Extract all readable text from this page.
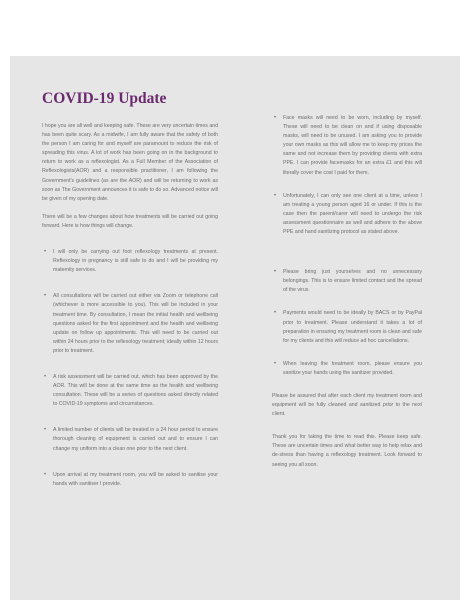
COVID-19 Update

I hope you are all well and keeping safe. These are very uncertain times and has been quite scary. As a midwife, I am fully aware that the safety of both the person I am caring for and myself are paramount to reduce the risk of spreading this virus. A lot of work has been going on in the background to return to work as a reflexologist. As a Full Member of the Association of Reflexologists(AOR) and a responsible practitioner, I am following the Government's guidelines (as are the AOR) and will be returning to work as soon as The Government announces it is safe to do so. Advanced notice will be given of my opening date.

There will be a few changes about how treatments will be carried out going forward. Here is how things will change.

• I will only be carrying out foot reflexology treatments at present. Reflexology in pregnancy is still safe to do and I will be providing my maternity services.
• All consultations will be carried out either via Zoom or telephone call (whichever is more accessible to you). This will be included in your treatment time. By consultation, I mean the initial health and wellbeing questions asked for the first appointment and the health and wellbeing update on follow up appointments. This will need to be carried out within 24 hours prior to the reflexology treatment; ideally within 12 hours prior to treatment.
• A risk assessment will be carried out, which has been approved by the AOR. This will be done at the same time as the health and wellbeing consultation. These will be a series of questions asked directly related to COVID-19 symptoms and circumstances.
• A limited number of clients will be treated in a 24 hour period to ensure thorough cleaning of equipment is carried out and to ensure I can change my uniform into a clean one prior to the next client.
• Upon arrival at my treatment room, you will be asked to sanitise your hands with sanitiser I provide.
• Face masks will need to be worn, including by myself. These will need to be clean on and if using disposable masks, will need to be unused. I am asking you to provide your own masks as this will allow me to keep my prices the same and not increase them by providing clients with extra PPE. I can provide facemasks for an extra £1 and this will literally cover the cost I paid for them.
• Unfortunately, I can only see one client at a time, unless I am treating a young person aged 16 or under. If this is the case then the parent/carer will need to undergo the risk assessment questionnaire as well and adhere to the above PPE and hand sanitizing protocol as stated above.
• Please bring just yourselves and no unnecessary belongings. This is to ensure limited contact and the spread of the virus.
• Payments would need to be ideally by BACS or by PayPal prior to treatment. Please understand it takes a lot of preparation in ensuring my treatment room is clean and safe for my clients and this will reduce ad hoc cancellations.
• When leaving the treatment room, please ensure you sanitize your hands using the sanitizer provided.

Please be assured that after each client my treatment room and equipment will be fully cleaned and sanitized prior to the next client.

Thank you for taking the time to read this. Please keep safe. These are uncertain times and what better way to help relax and de-stress than having a reflexology treatment. Look forward to seeing you all soon.
